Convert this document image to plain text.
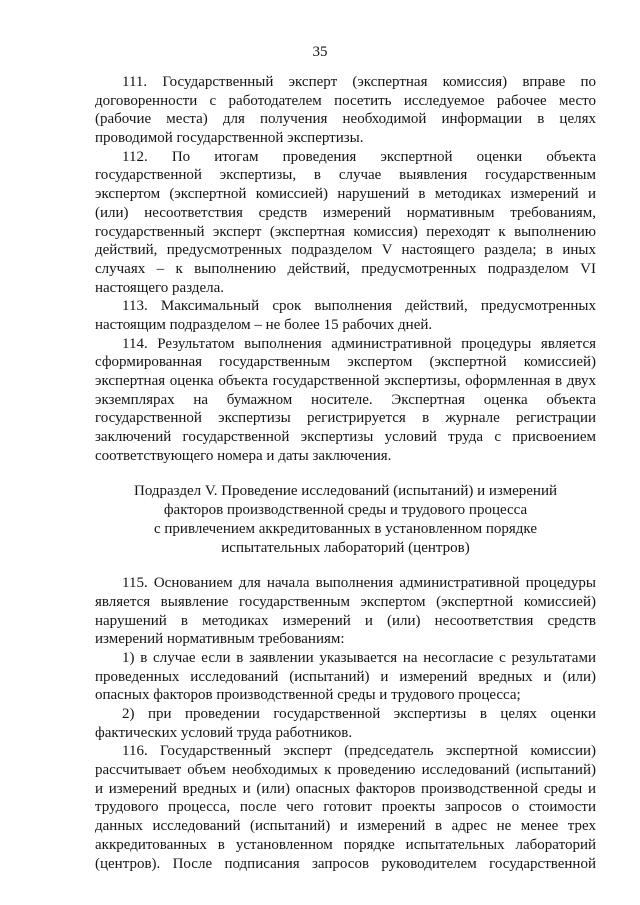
35
111. Государственный эксперт (экспертная комиссия) вправе по
договоренности с работодателем посетить исследуемое рабочее место
(рабочие места) для получения необходимой информации в целях
проводимой государственной экспертизы.
112. По итогам проведения экспертной оценки объекта
государственной экспертизы, в случае выявления государственным
экспертом (экспертной комиссией) нарушений в методиках измерений и
(или) несоответствия средств измерений нормативным требованиям,
государственный эксперт (экспертная комиссия) переходят к выполнению
действий, предусмотренных подразделом V настоящего раздела; в иных
случаях – к выполнению действий, предусмотренных подразделом VI
настоящего раздела.
113. Максимальный срок выполнения действий, предусмотренных
настоящим подразделом – не более 15 рабочих дней.
114. Результатом выполнения административной процедуры является
сформированная государственным экспертом (экспертной комиссией)
экспертная оценка объекта государственной экспертизы, оформленная в двух
экземплярах на бумажном носителе. Экспертная оценка объекта
государственной экспертизы регистрируется в журнале регистрации
заключений государственной экспертизы условий труда с присвоением
соответствующего номера и даты заключения.
Подраздел V. Проведение исследований (испытаний) и измерений
факторов производственной среды и трудового процесса
с привлечением аккредитованных в установленном порядке
испытательных лабораторий (центров)
115. Основанием для начала выполнения административной процедуры
является выявление государственным экспертом (экспертной комиссией)
нарушений в методиках измерений и (или) несоответствия средств
измерений нормативным требованиям:
1) в случае если в заявлении указывается на несогласие с результатами
проведенных исследований (испытаний) и измерений вредных и (или)
опасных факторов производственной среды и трудового процесса;
2) при проведении государственной экспертизы в целях оценки
фактических условий труда работников.
116. Государственный эксперт (председатель экспертной комиссии)
рассчитывает объем необходимых к проведению исследований (испытаний)
и измерений вредных и (или) опасных факторов производственной среды и
трудового процесса, после чего готовит проекты запросов о стоимости
данных исследований (испытаний) и измерений в адрес не менее трех
аккредитованных в установленном порядке испытательных лабораторий
(центров). После подписания запросов руководителем государственной
